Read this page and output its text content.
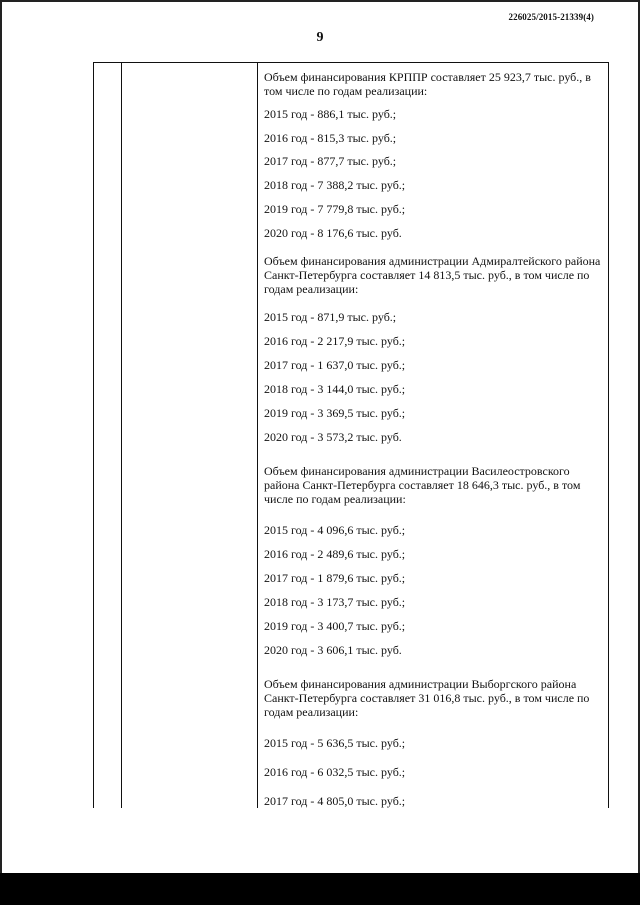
226025/2015-21339(4)
9
Объем финансирования КРППР составляет 25 923,7 тыс. руб., в том числе по годам реализации:
2015 год - 886,1 тыс. руб.;
2016 год - 815,3 тыс. руб.;
2017 год - 877,7 тыс. руб.;
2018 год - 7 388,2 тыс. руб.;
2019 год - 7 779,8 тыс. руб.;
2020 год - 8 176,6 тыс. руб.
Объем финансирования администрации Адмиралтейского района Санкт-Петербурга составляет 14 813,5 тыс. руб., в том числе по годам реализации:
2015 год - 871,9 тыс. руб.;
2016 год - 2 217,9 тыс. руб.;
2017 год - 1 637,0 тыс. руб.;
2018 год - 3 144,0 тыс. руб.;
2019 год - 3 369,5 тыс. руб.;
2020 год - 3 573,2 тыс. руб.
Объем финансирования администрации Василеостровского района Санкт-Петербурга составляет 18 646,3 тыс. руб., в том числе по годам реализации:
2015 год - 4 096,6 тыс. руб.;
2016 год - 2 489,6 тыс. руб.;
2017 год - 1 879,6 тыс. руб.;
2018 год - 3 173,7 тыс. руб.;
2019 год - 3 400,7 тыс. руб.;
2020 год - 3 606,1 тыс. руб.
Объем финансирования администрации Выборгского района Санкт-Петербурга составляет 31 016,8 тыс. руб., в том числе по годам реализации:
2015 год - 5 636,5 тыс. руб.;
2016 год - 6 032,5 тыс. руб.;
2017 год - 4 805,0 тыс. руб.;
